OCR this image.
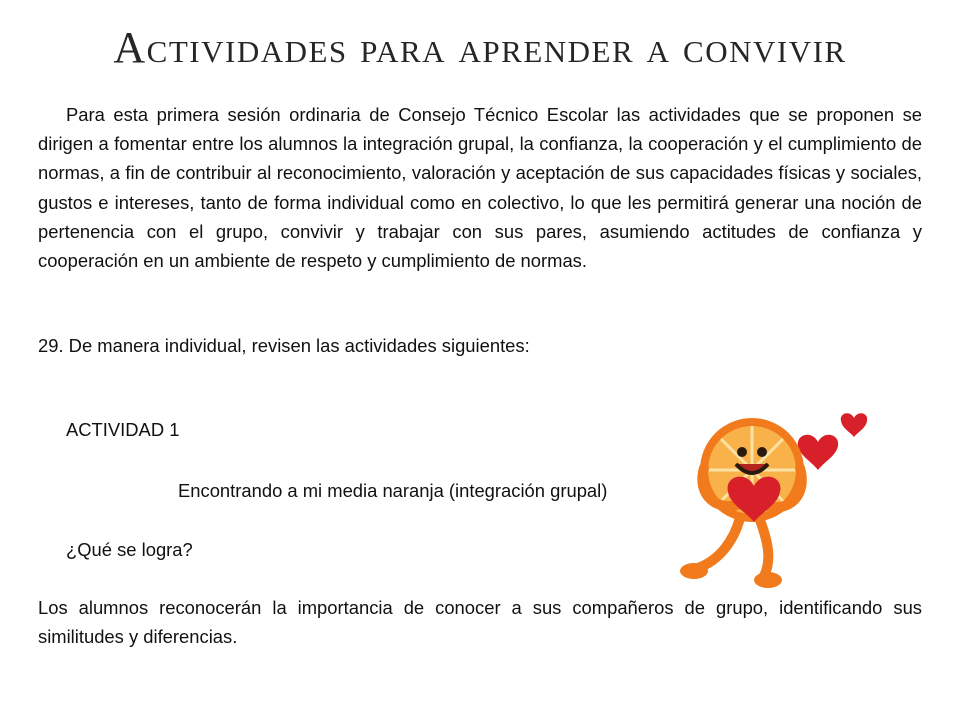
Actividades para aprender a convivir

Para esta primera sesión ordinaria de Consejo Técnico Escolar las actividades que se proponen se dirigen a fomentar entre los alumnos la integración grupal, la confianza, la cooperación y el cumplimiento de normas, a fin de contribuir al reconocimiento, valoración y aceptación de sus capacidades físicas y sociales, gustos e intereses, tanto de forma individual como en colectivo, lo que les permitirá generar una noción de pertenencia con el grupo, convivir y trabajar con sus pares, asumiendo actitudes de confianza y cooperación en un ambiente de respeto y cumplimiento de normas.

29. De manera individual, revisen las actividades siguientes:

ACTIVIDAD 1

Encontrando a mi media naranja (integración grupal)

¿Qué se logra?

Los alumnos reconocerán la importancia de conocer a sus compañeros de grupo, identificando sus similitudes y diferencias.
